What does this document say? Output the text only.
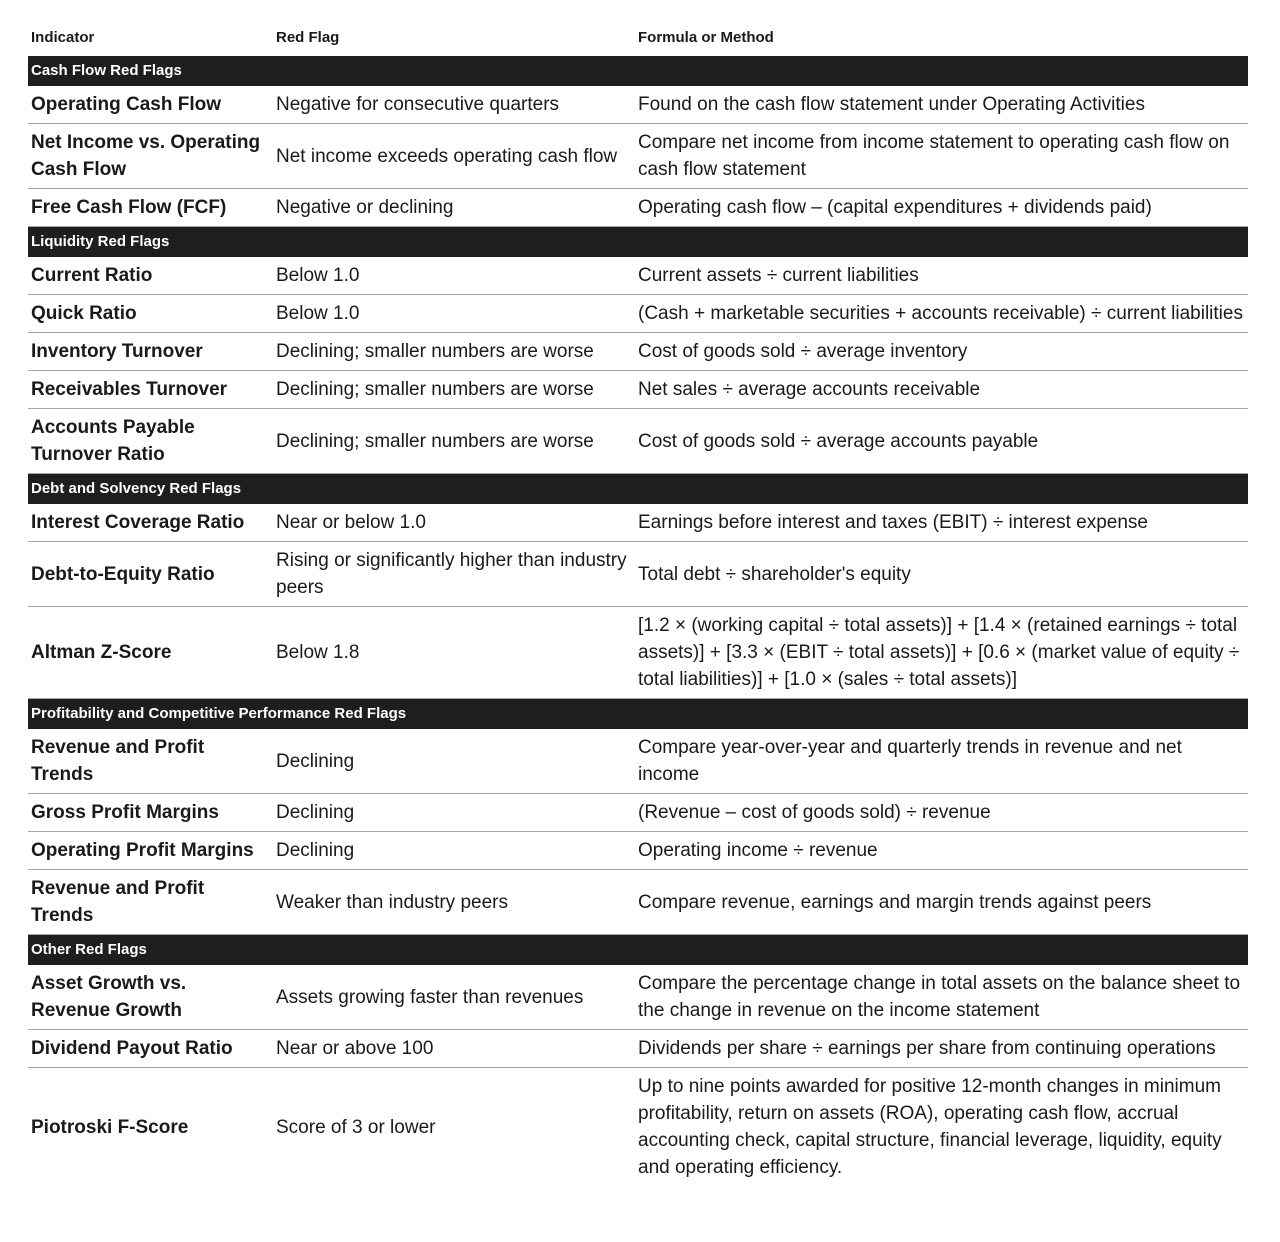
Indicator	Red Flag	Formula or Method
Cash Flow Red Flags		
Operating Cash Flow	Negative for consecutive quarters	Found on the cash flow statement under Operating Activities
Net Income vs. Operating Cash Flow	Net income exceeds operating cash flow	Compare net income from income statement to operating cash flow on cash flow statement
Free Cash Flow (FCF)	Negative or declining	Operating cash flow – (capital expenditures + dividends paid)
Liquidity Red Flags		
Current Ratio	Below 1.0	Current assets ÷ current liabilities
Quick Ratio	Below 1.0	(Cash + marketable securities + accounts receivable) ÷ current liabilities
Inventory Turnover	Declining; smaller numbers are worse	Cost of goods sold ÷ average inventory
Receivables Turnover	Declining; smaller numbers are worse	Net sales ÷ average accounts receivable
Accounts Payable Turnover Ratio	Declining; smaller numbers are worse	Cost of goods sold ÷ average accounts payable
Debt and Solvency Red Flags		
Interest Coverage Ratio	Near or below 1.0	Earnings before interest and taxes (EBIT) ÷ interest expense
Debt-to-Equity Ratio	Rising or significantly higher than industry peers	Total debt ÷ shareholder's equity
Altman Z-Score	Below 1.8	[1.2 × (working capital ÷ total assets)] + [1.4 × (retained earnings ÷ total assets)] + [3.3 × (EBIT ÷ total assets)] + [0.6 × (market value of equity ÷ total liabilities)] + [1.0 × (sales ÷ total assets)]
Profitability and Competitive Performance Red Flags		
Revenue and Profit Trends	Declining	Compare year-over-year and quarterly trends in revenue and net income
Gross Profit Margins	Declining	(Revenue – cost of goods sold) ÷ revenue
Operating Profit Margins	Declining	Operating income ÷ revenue
Revenue and Profit Trends	Weaker than industry peers	Compare revenue, earnings and margin trends against peers
Other Red Flags		
Asset Growth vs. Revenue Growth	Assets growing faster than revenues	Compare the percentage change in total assets on the balance sheet to the change in revenue on the income statement
Dividend Payout Ratio	Near or above 100	Dividends per share ÷ earnings per share from continuing operations
Piotroski F-Score	Score of 3 or lower	Up to nine points awarded for positive 12-month changes in minimum profitability, return on assets (ROA), operating cash flow, accrual accounting check, capital structure, financial leverage, liquidity, equity and operating efficiency.
